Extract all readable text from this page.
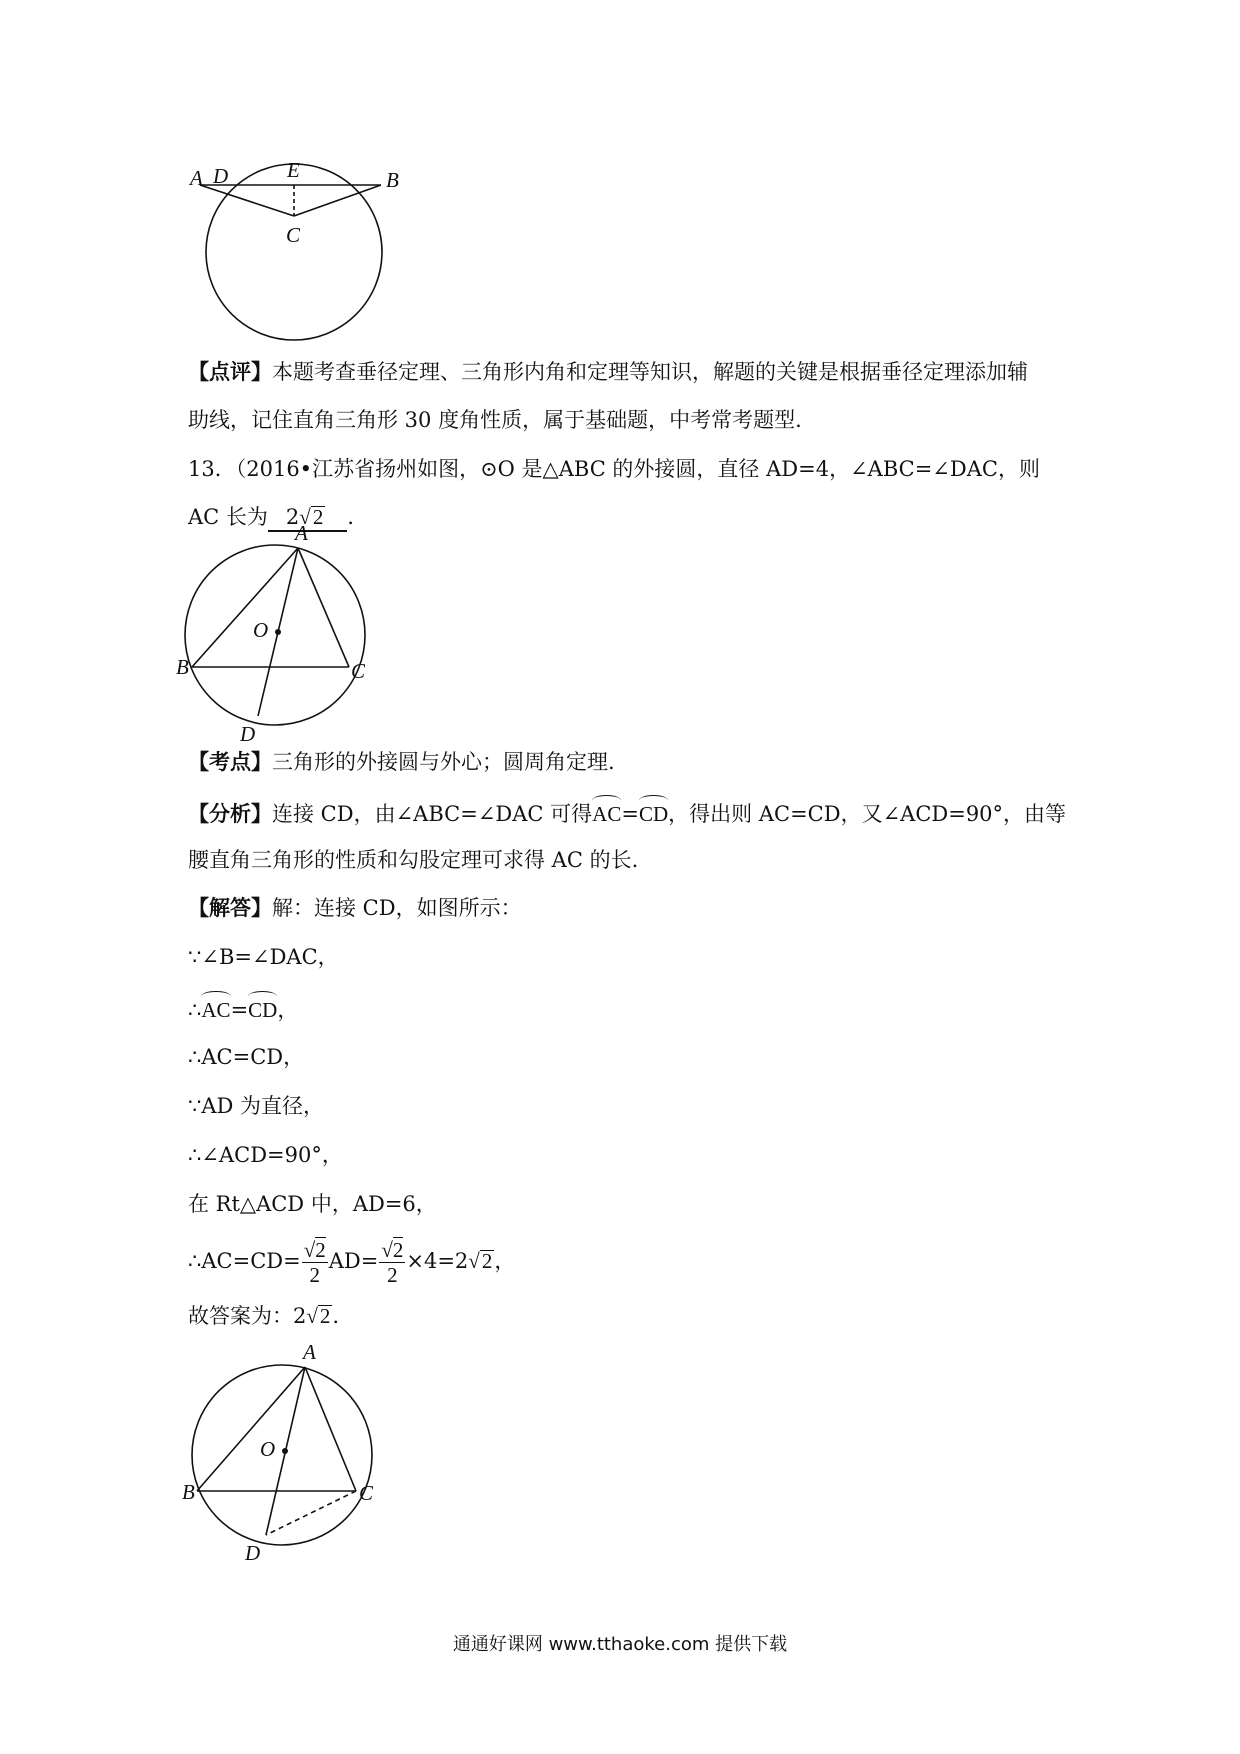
A D	E	B
C
【点评】本题考查垂径定理、三角形内角和定理等知识，解题的关键是根据垂径定理添加辅
助线，记住直角三角形 30 度角性质，属于基础题，中考常考题型.
13．（2016•江苏省扬州如图，⊙O 是△ABC 的外接圆，直径 AD=4，∠ABC=∠DAC，则
AC 长为 2√2 ．
A
O
B	C
D
【考点】三角形的外接圆与外心；圆周角定理.
【分析】连接 CD，由∠ABC=∠DAC 可得AC=CD，得出则 AC=CD，又∠ACD=90°，由等
腰直角三角形的性质和勾股定理可求得 AC 的长.
【解答】解：连接 CD，如图所示：
∵∠B=∠DAC，
∴AC=CD，
∴AC=CD，
∵AD 为直径，
∴∠ACD=90°，
在 Rt△ACD 中，AD=6，
∴AC=CD= $\frac{√2}{2} AD= \frac{√2}{2} \times 4=2√2$，
故答案为：2√2.
A
O
B	C
D
通通好课网 www.tthaoke.com 提供下载
